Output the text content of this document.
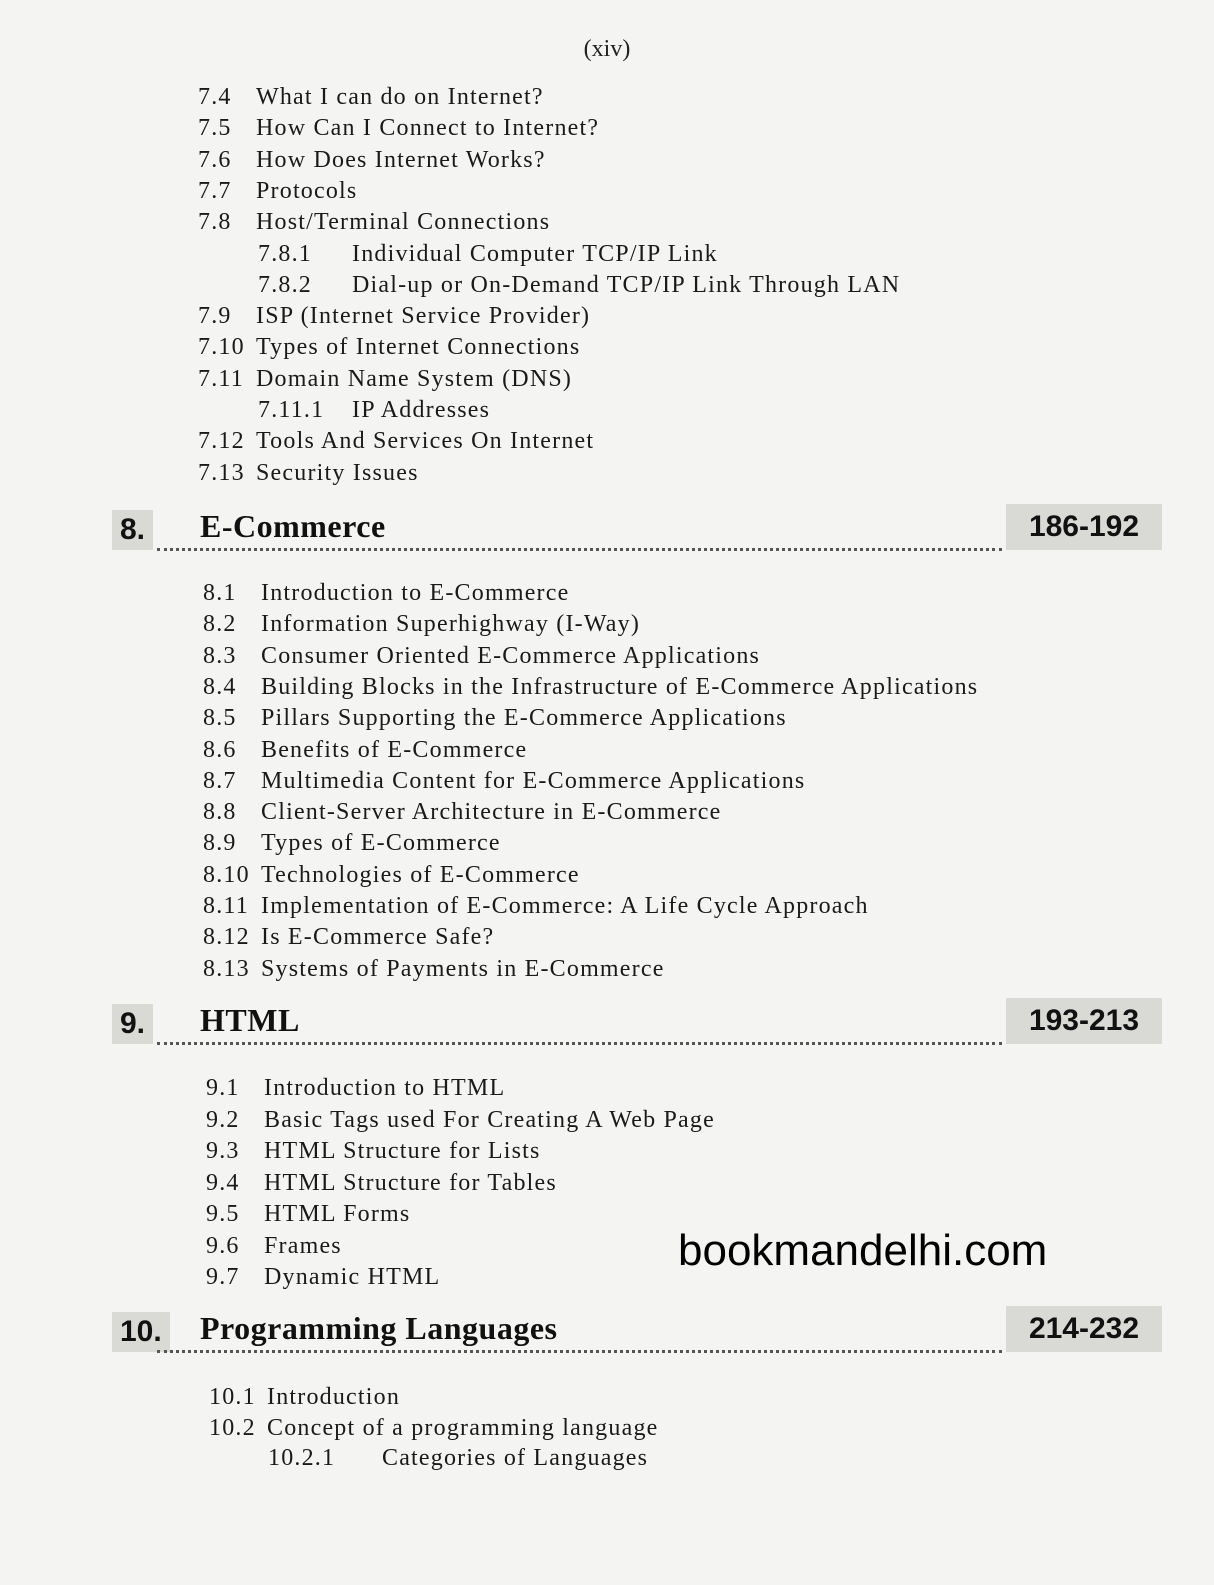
(xiv)
7.4 What I can do on Internet?
7.5 How Can I Connect to Internet?
7.6 How Does Internet Works?
7.7 Protocols
7.8 Host/Terminal Connections
7.8.1 Individual Computer TCP/IP Link
7.8.2 Dial-up or On-Demand TCP/IP Link Through LAN
7.9 ISP (Internet Service Provider)
7.10 Types of Internet Connections
7.11 Domain Name System (DNS)
7.11.1 IP Addresses
7.12 Tools And Services On Internet
7.13 Security Issues
8. E-Commerce	186-192
8.1 Introduction to E-Commerce
8.2 Information Superhighway (I-Way)
8.3 Consumer Oriented E-Commerce Applications
8.4 Building Blocks in the Infrastructure of E-Commerce Applications
8.5 Pillars Supporting the E-Commerce Applications
8.6 Benefits of E-Commerce
8.7 Multimedia Content for E-Commerce Applications
8.8 Client-Server Architecture in E-Commerce
8.9 Types of E-Commerce
8.10 Technologies of E-Commerce
8.11 Implementation of E-Commerce: A Life Cycle Approach
8.12 Is E-Commerce Safe?
8.13 Systems of Payments in E-Commerce
9. HTML	193-213
9.1 Introduction to HTML
9.2 Basic Tags used For Creating A Web Page
9.3 HTML Structure for Lists
9.4 HTML Structure for Tables
9.5 HTML Forms
9.6 Frames
9.7 Dynamic HTML
10. Programming Languages	214-232
10.1 Introduction
10.2 Concept of a programming language
10.2.1 Categories of Languages
bookmandelhi.com
